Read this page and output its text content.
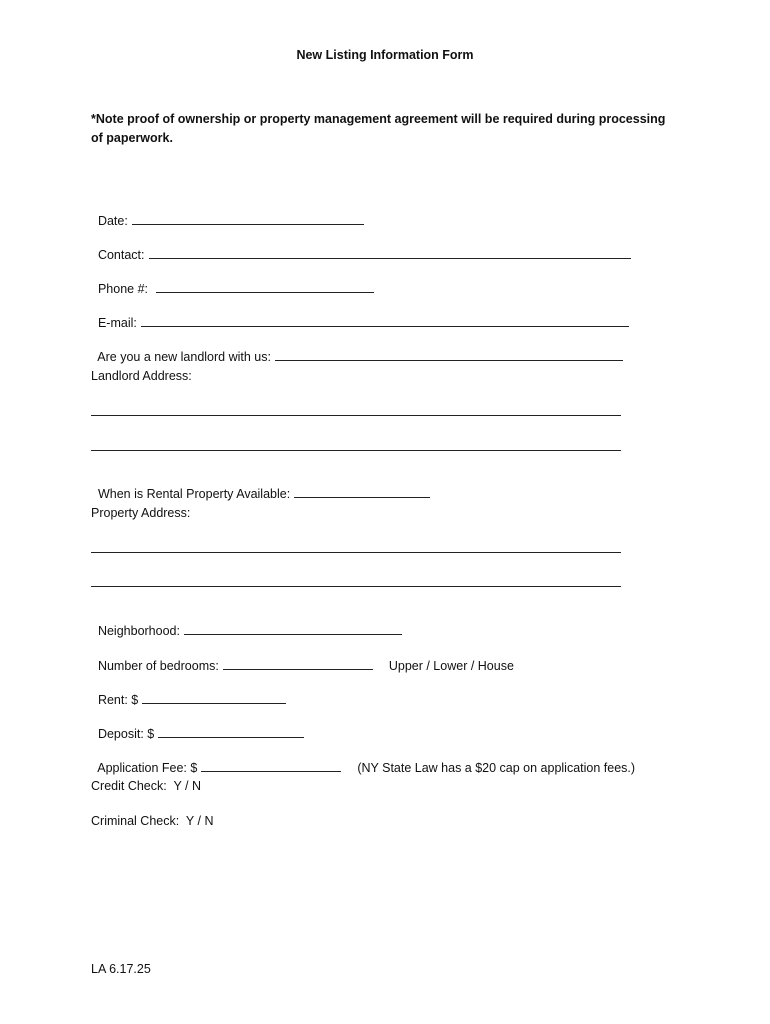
New Listing Information Form
*Note proof of ownership or property management agreement will be required during processing of paperwork.

Date:

Contact:

Phone #:

E-mail:

Are you a new landlord with us:

Landlord Address:

When is Rental Property Available:

Property Address:

Neighborhood:

Number of bedrooms:	Upper / Lower / House

Rent: $

Deposit: $

Application Fee: $	(NY State Law has a $20 cap on application fees.)

Credit Check:  Y / N
Criminal Check:  Y / N
LA 6.17.25
